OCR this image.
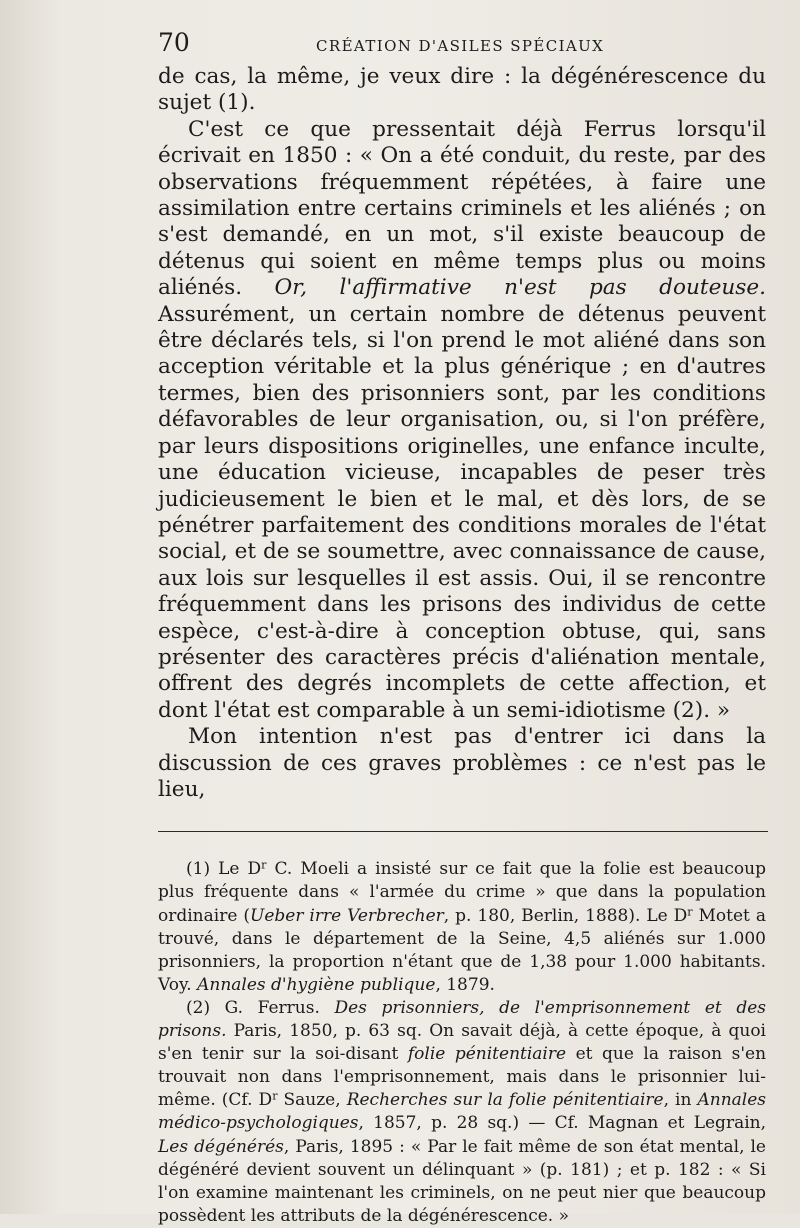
70	CRÉATION D'ASILES SPÉCIAUX

de cas, la même, je veux dire : la dégénérescence du sujet (1).

C'est ce que pressentait déjà Ferrus lorsqu'il écrivait en 1850 : « On a été conduit, du reste, par des observations fréquemment répétées, à faire une assimilation entre certains criminels et les aliénés ; on s'est demandé, en un mot, s'il existe beaucoup de détenus qui soient en même temps plus ou moins aliénés. Or, l'affirmative n'est pas douteuse. Assurément, un certain nombre de détenus peuvent être déclarés tels, si l'on prend le mot aliéné dans son acception véritable et la plus générique ; en d'autres termes, bien des prisonniers sont, par les conditions défavorables de leur organisation, ou, si l'on préfère, par leurs dispositions originelles, une enfance inculte, une éducation vicieuse, incapables de peser très judicieusement le bien et le mal, et dès lors, de se pénétrer parfaitement des conditions morales de l'état social, et de se soumettre, avec connaissance de cause, aux lois sur lesquelles il est assis. Oui, il se rencontre fréquemment dans les prisons des individus de cette espèce, c'est-à-dire à conception obtuse, qui, sans présenter des caractères précis d'aliénation mentale, offrent des degrés incomplets de cette affection, et dont l'état est comparable à un semi-idiotisme (2). »

Mon intention n'est pas d'entrer ici dans la discussion de ces graves problèmes : ce n'est pas le lieu,

(1) Le $D^r$ C. Moeli a insisté sur ce fait que la folie est beaucoup plus fréquente dans « l'armée du crime » que dans la population ordinaire (Ueber irre Verbrecher, p. 180, Berlin, 1888). Le $D^r$ Motet a trouvé, dans le département de la Seine, 4,5 aliénés sur 1.000 prisonniers, la proportion n'étant que de 1,38 pour 1.000 habitants. Voy. Annales d'hygiène publique, 1879.

(2) G. Ferrus. Des prisonniers, de l'emprisonnement et des prisons. Paris, 1850, p. 63 sq. On savait déjà, à cette époque, à quoi s'en tenir sur la soi-disant folie pénitentiaire et que la raison s'en trouvait non dans l'emprisonnement, mais dans le prisonnier lui-même. (Cf. $D^r$ Sauze, Recherches sur la folie pénitentiaire, in Annales médico-psychologiques, 1857, p. 28 sq.) — Cf. Magnan et Legrain, Les dégénérés, Paris, 1895 : « Par le fait même de son état mental, le dégénéré devient souvent un délinquant » (p. 181) ; et p. 182 : « Si l'on examine maintenant les criminels, on ne peut nier que beaucoup possèdent les attributs de la dégénérescence. »
